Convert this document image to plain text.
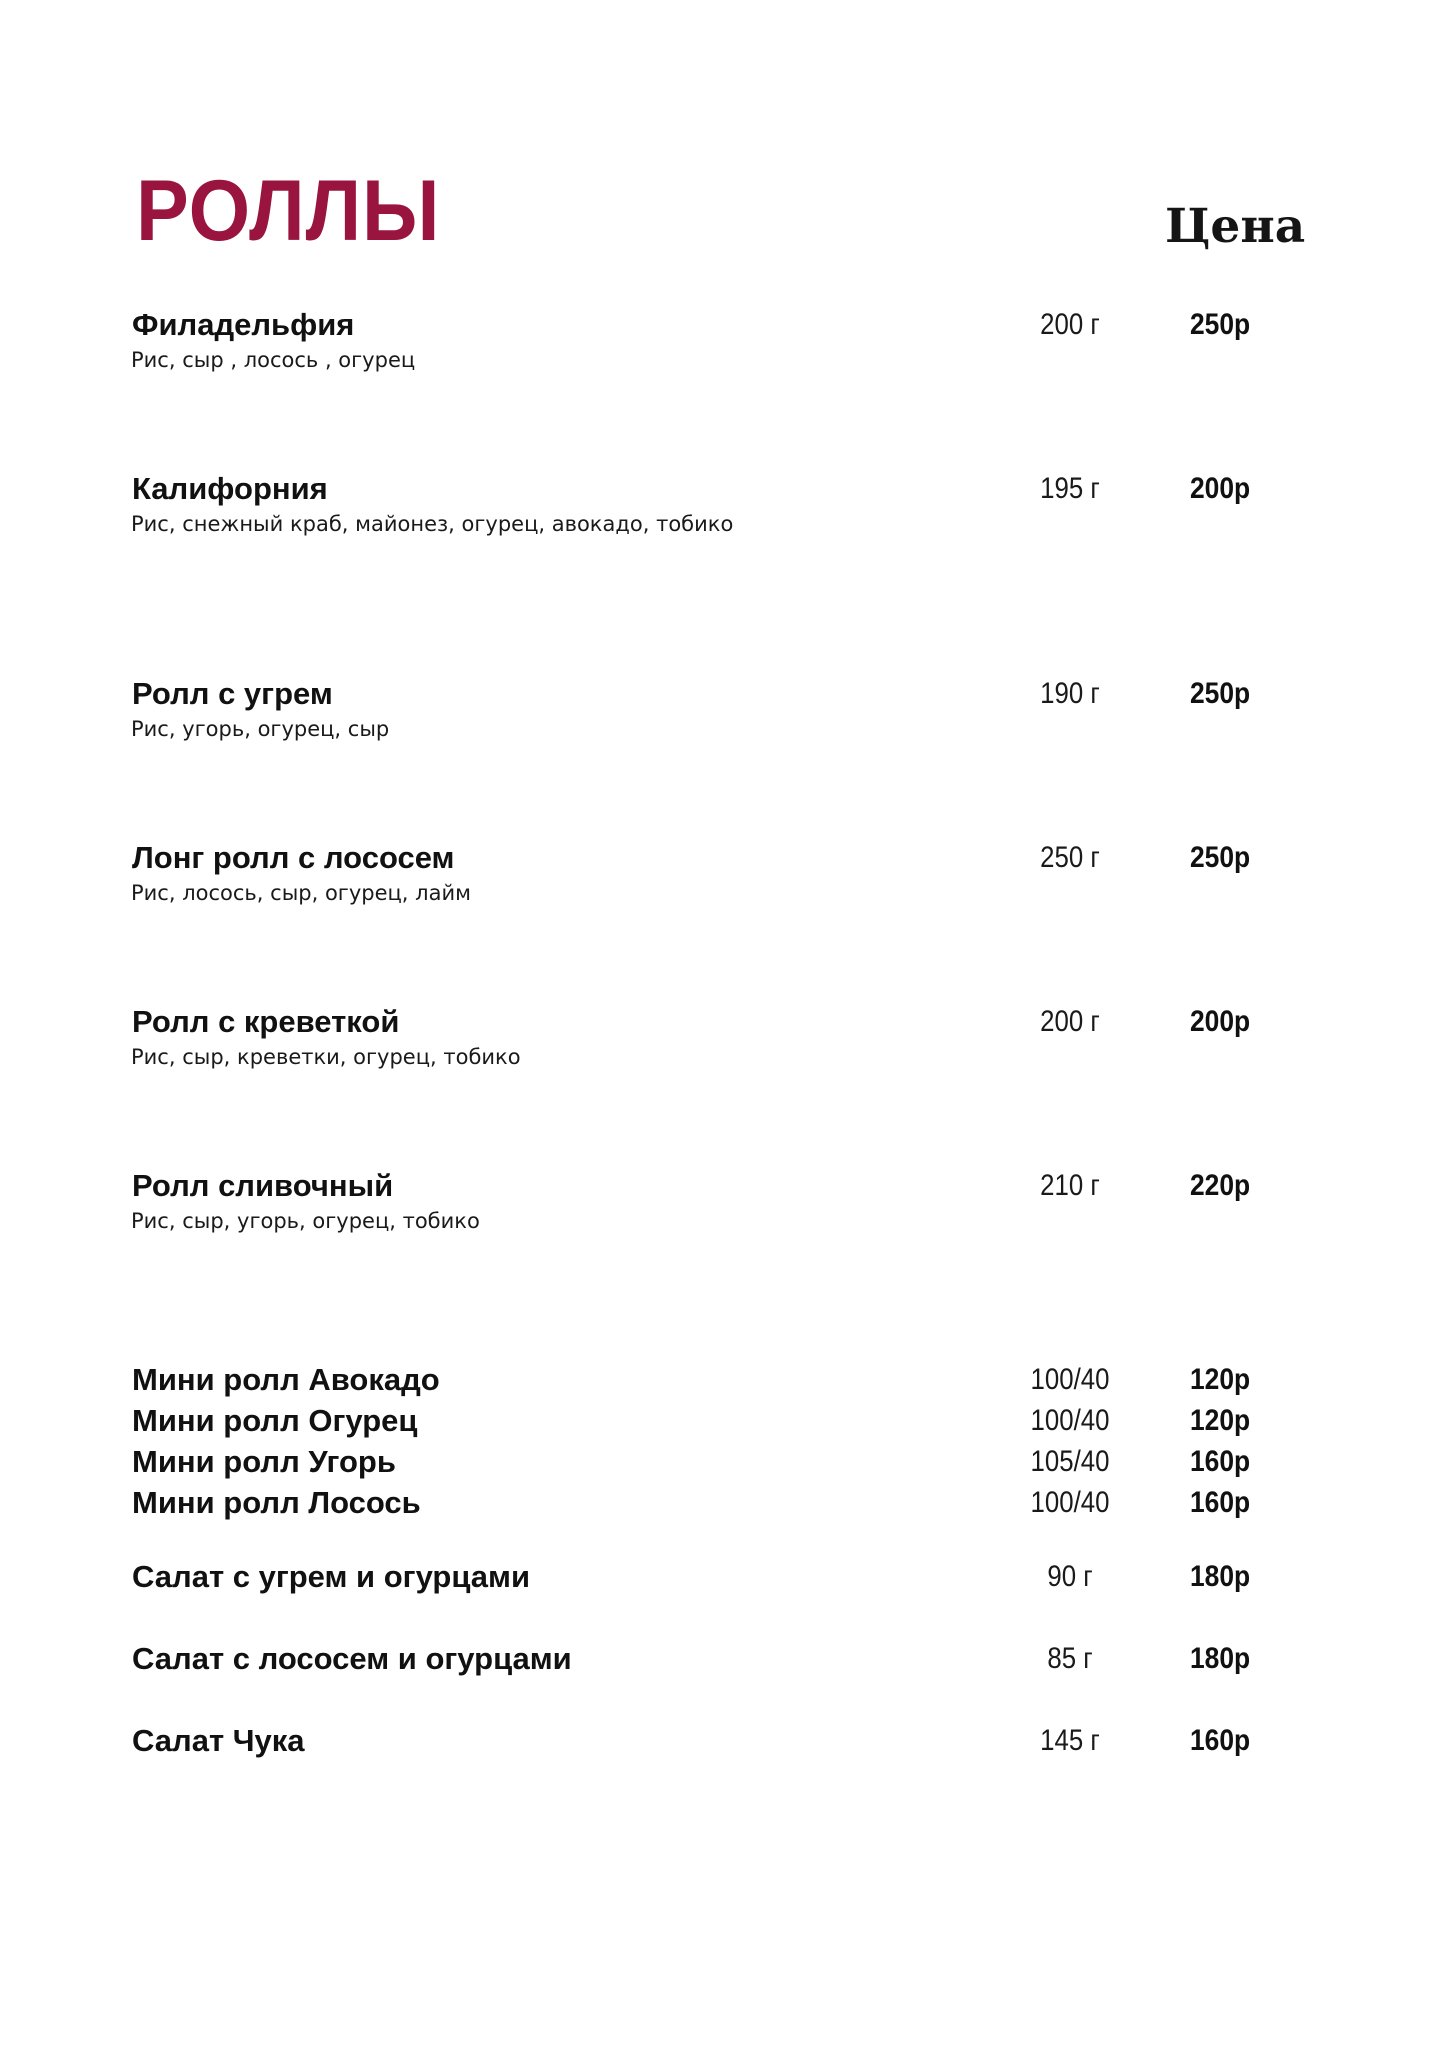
РОЛЛЫ	Цена
Филадельфия
Рис, сыр , лосось , огурец
200 г	250р
Калифорния
Рис, снежный краб, майонез, огурец, авокадо, тобико
195 г	200р
Ролл с угрем
Рис, угорь, огурец, сыр
190 г	250р
Лонг ролл с лососем
Рис, лосось, сыр, огурец, лайм
250 г	250р
Ролл с креветкой
Рис, сыр, креветки, огурец, тобико
200 г	200р
Ролл сливочный
Рис, сыр, угорь, огурец, тобико
210 г	220р
Мини ролл Авокадо	100/40	120р
Мини ролл Огурец	100/40	120р
Мини ролл Угорь	105/40	160р
Мини ролл Лосось	100/40	160р
Салат с угрем и огурцами	90 г	180р
Салат с лососем и огурцами	85 г	180р
Салат Чука	145 г	160р
